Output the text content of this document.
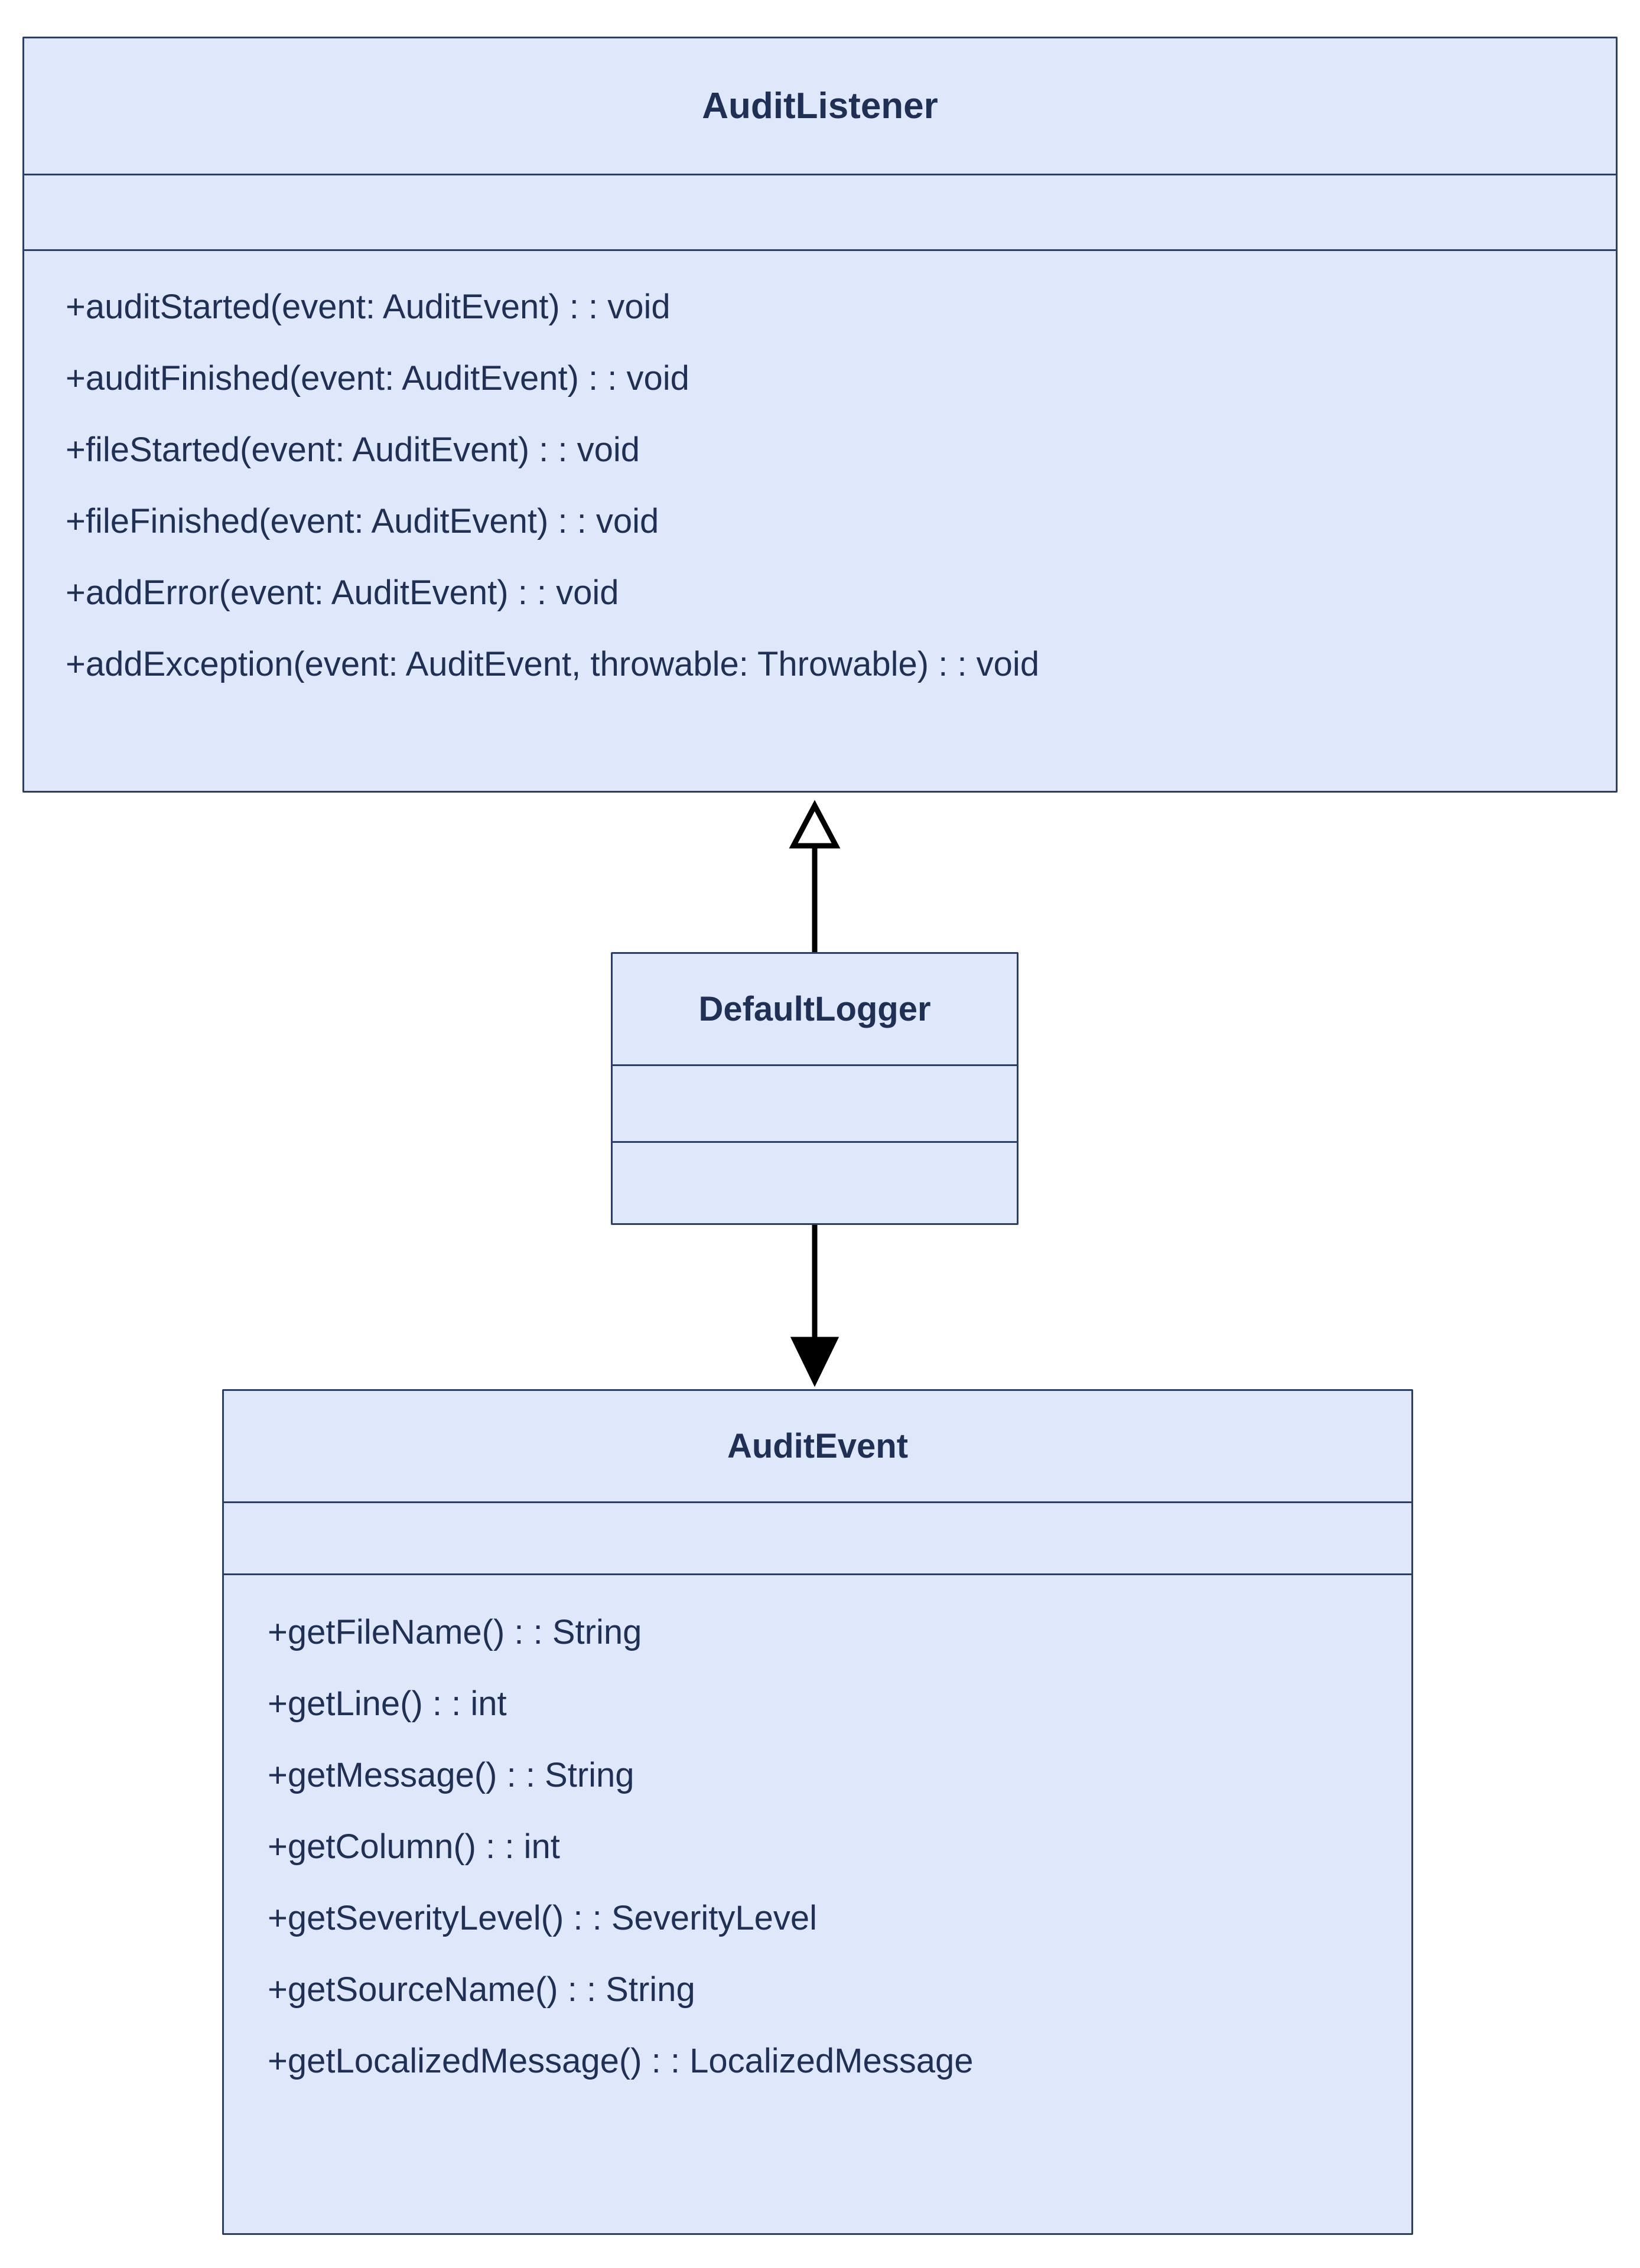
AuditListener
+auditStarted(event: AuditEvent) : : void
+auditFinished(event: AuditEvent) : : void
+fileStarted(event: AuditEvent) : : void
+fileFinished(event: AuditEvent) : : void
+addError(event: AuditEvent) : : void
+addException(event: AuditEvent, throwable: Throwable) : : void
DefaultLogger
AuditEvent
+getFileName() : : String
+getLine() : : int
+getMessage() : : String
+getColumn() : : int
+getSeverityLevel() : : SeverityLevel
+getSourceName() : : String
+getLocalizedMessage() : : LocalizedMessage
